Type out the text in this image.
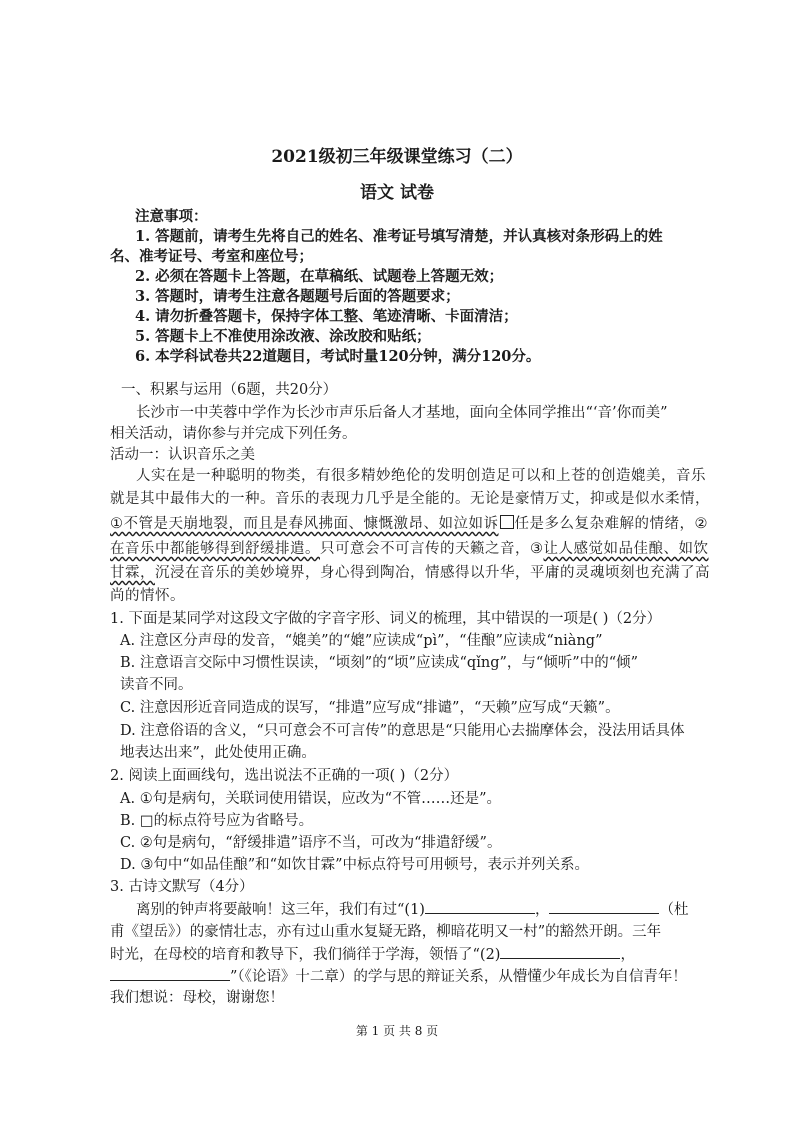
2021级初三年级课堂练习（二）
语文 试卷
注意事项：
1. 答题前，请考生先将自己的姓名、准考证号填写清楚，并认真核对条形码上的姓
名、准考证号、考室和座位号；
2. 必须在答题卡上答题，在草稿纸、试题卷上答题无效；
3. 答题时，请考生注意各题题号后面的答题要求；
4. 请勿折叠答题卡，保持字体工整、笔迹清晰、卡面清洁；
5. 答题卡上不准使用涂改液、涂改胶和贴纸；
6. 本学科试卷共22道题目，考试时量120分钟，满分120分。
一、积累与运用（6题，共20分）
长沙市一中芙蓉中学作为长沙市声乐后备人才基地，面向全体同学推出“‘音’你而美”
相关活动，请你参与并完成下列任务。
活动一：认识音乐之美
人实在是一种聪明的物类，有很多精妙绝伦的发明创造足可以和上苍的创造媲美，音乐
就是其中最伟大的一种。音乐的表现力几乎是全能的。无论是豪情万丈，抑或是似水柔情，
①不管是天崩地裂，而且是春风拂面、慷慨激昂、如泣如诉 任是多么复杂难解的情绪，②
在音乐中都能够得到舒缓排遣。只可意会不可言传的天籁之音，③让人感觉如品佳酿、如饮
甘霖，沉浸在音乐的美妙境界，身心得到陶冶，情感得以升华，平庸的灵魂顷刻也充满了高
尚的情怀。
1. 下面是某同学对这段文字做的字音字形、词义的梳理，其中错误的一项是( )（2分）
A. 注意区分声母的发音，“媲美”的“媲”应读成“pì”，“佳酿”应读成“niàng”
B. 注意语言交际中习惯性误读，“顷刻”的“顷”应读成“qǐng”，与“倾听”中的“倾”
读音不同。
C. 注意因形近音同造成的误写，“排遣”应写成“排谴”，“天赖”应写成“天籁”。
D. 注意俗语的含义，“只可意会不可言传”的意思是“只能用心去揣摩体会，没法用话具体
地表达出来”，此处使用正确。
2. 阅读上面画线句，选出说法不正确的一项( )（2分）
A. ①句是病句，关联词使用错误，应改为“不管……还是”。
B. □的标点符号应为省略号。
C. ②句是病句，“舒缓排遣”语序不当，可改为“排遣舒缓”。
D. ③句中“如品佳酿”和“如饮甘霖”中标点符号可用顿号，表示并列关系。
3. 古诗文默写（4分）
离别的钟声将要敲响！这三年，我们有过“(1)	，	（杜
甫《望岳》）的豪情壮志，亦有过山重水复疑无路，柳暗花明又一村”的豁然开朗。三年
时光，在母校的培育和教导下，我们徜徉于学海，领悟了“(2)	，
”（《论语》十二章）的学与思的辩证关系，从懵懂少年成长为自信青年！
我们想说：母校，谢谢您！
第 1 页 共 8 页
